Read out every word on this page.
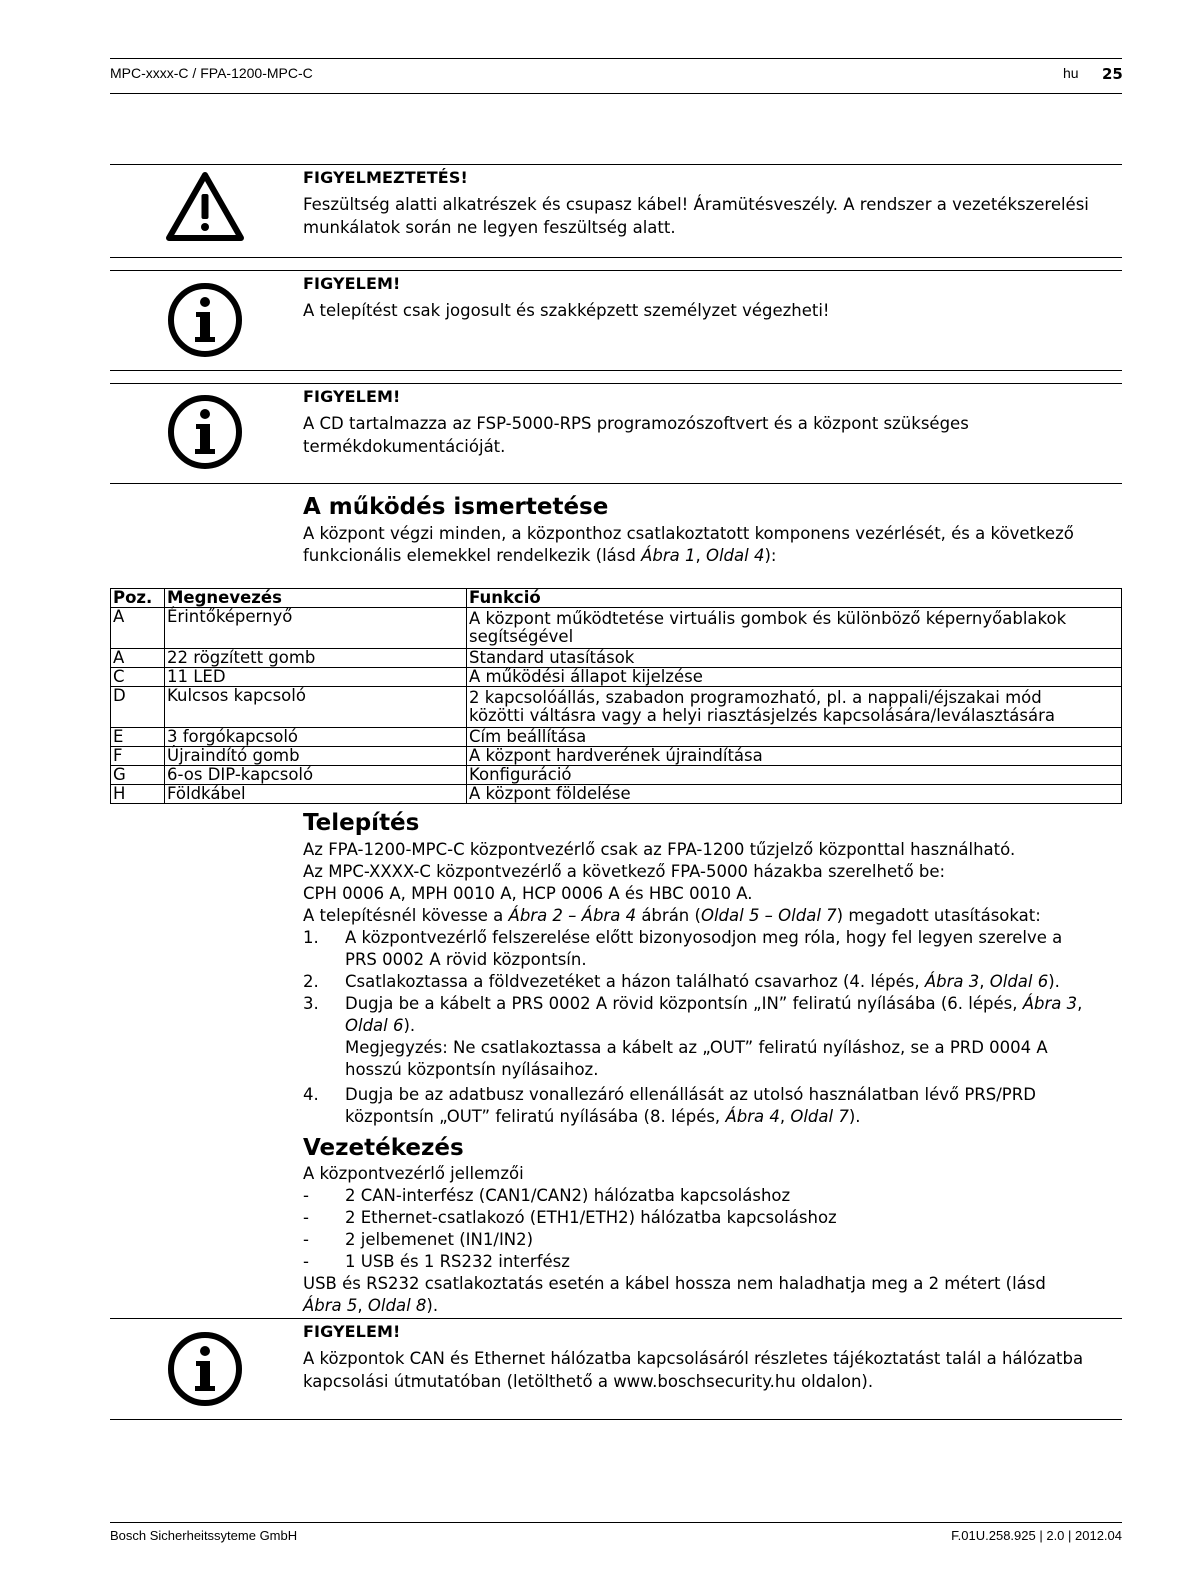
MPC-xxxx-C / FPA-1200-MPC-C	hu 25
FIGYELMEZTETÉS!
Feszültség alatti alkatrészek és csupasz kábel! Áramütésveszély. A rendszer a vezetékszerelési
munkálatok során ne legyen feszültség alatt.
FIGYELEM!
A telepítést csak jogosult és szakképzett személyzet végezheti!
FIGYELEM!
A CD tartalmazza az FSP-5000-RPS programozószoftvert és a központ szükséges
termékdokumentációját.
A működés ismertetése
A központ végzi minden, a központhoz csatlakoztatott komponens vezérlését, és a következő
funkcionális elemekkel rendelkezik (lásd Ábra 1, Oldal 4):
Poz.	Megnevezés	Funkció
A	Érintőképernyő	A központ működtetése virtuális gombok és különböző képernyőablakok
segítségével

A	22 rögzített gomb	Standard utasítások
C	11 LED	A működési állapot kijelzése
D	Kulcsos kapcsoló	2 kapcsolóállás, szabadon programozható, pl. a nappali/éjszakai mód
közötti váltásra vagy a helyi riasztásjelzés kapcsolására/leválasztására

E	3 forgókapcsoló	Cím beállítása
F	Újraindító gomb	A központ hardverének újraindítása
G	6-os DIP-kapcsoló	Konfiguráció
H	Földkábel	A központ földelése
Telepítés
Az FPA-1200-MPC-C központvezérlő csak az FPA-1200 tűzjelző központtal használható.
Az MPC-XXXX-C központvezérlő a következő FPA-5000 házakba szerelhető be:
CPH 0006 A, MPH 0010 A, HCP 0006 A és HBC 0010 A.
A telepítésnél kövesse a Ábra 2 – Ábra 4 ábrán (Oldal 5 – Oldal 7) megadott utasításokat:
1. A központvezérlő felszerelése előtt bizonyosodjon meg róla, hogy fel legyen szerelve a
PRS 0002 A rövid központsín.
2. Csatlakoztassa a földvezetéket a házon található csavarhoz (4. lépés, Ábra 3, Oldal 6).
3. Dugja be a kábelt a PRS 0002 A rövid központsín „IN” feliratú nyílásába (6. lépés, Ábra 3,
Oldal 6).
Megjegyzés: Ne csatlakoztassa a kábelt az „OUT” feliratú nyíláshoz, se a PRD 0004 A
hosszú központsín nyílásaihoz.
4. Dugja be az adatbusz vonallezáró ellenállását az utolsó használatban lévő PRS/PRD
központsín „OUT” feliratú nyílásába (8. lépés, Ábra 4, Oldal 7).
Vezetékezés
A központvezérlő jellemzői
- 2 CAN-interfész (CAN1/CAN2) hálózatba kapcsoláshoz
- 2 Ethernet-csatlakozó (ETH1/ETH2) hálózatba kapcsoláshoz
- 2 jelbemenet (IN1/IN2)
- 1 USB és 1 RS232 interfész
USB és RS232 csatlakoztatás esetén a kábel hossza nem haladhatja meg a 2 métert (lásd
Ábra 5, Oldal 8).
FIGYELEM!
A központok CAN és Ethernet hálózatba kapcsolásáról részletes tájékoztatást talál a hálózatba
kapcsolási útmutatóban (letölthető a www.boschsecurity.hu oldalon).
Bosch Sicherheitssyteme GmbH	F.01U.258.925 | 2.0 | 2012.04
